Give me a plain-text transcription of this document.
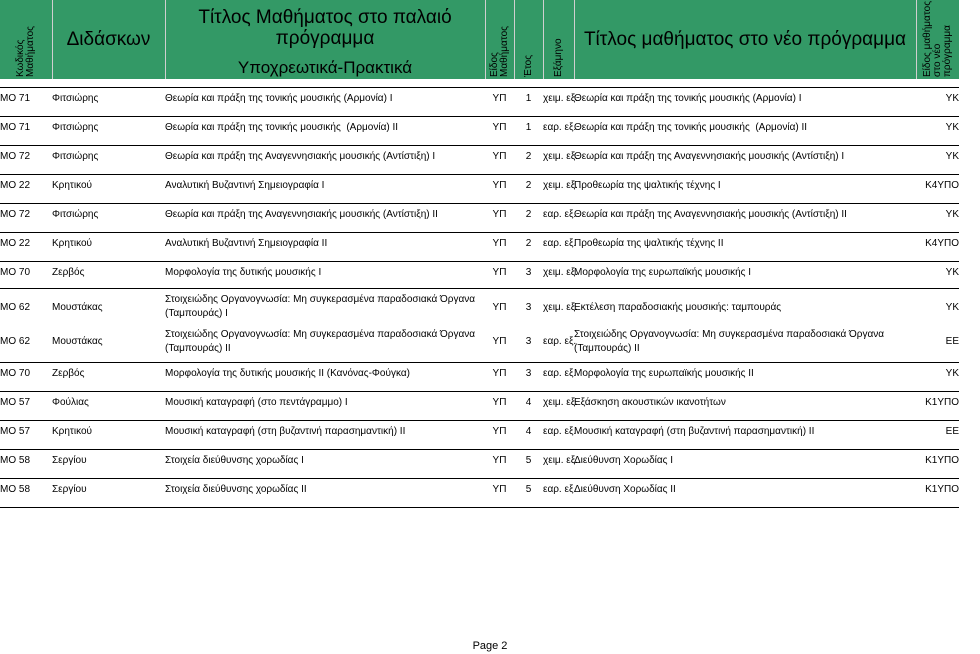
Κωδικός Μαθήματος	Διδάσκων	Τίτλος Μαθήματος στο παλαιό πρόγραμμα	Είδος Μαθήματος	Έτος	Εξάμηνο	Τίτλος μαθήματος στο νέο πρόγραμμα	Είδος μαθήματος στο νέο πρόγραμμα

		Υποχρεωτικά-Πρακτικά					

ΜΟ 71	Φιτσιώρης	Θεωρία και πράξη της τονικής μουσικής (Αρμονία) Ι	ΥΠ	1	χειμ. εξ.	Θεωρία και πράξη της τονικής μουσικής (Αρμονία) Ι	ΥΚ

ΜΟ 71	Φιτσιώρης	Θεωρία και πράξη της τονικής μουσικής  (Αρμονία) ΙΙ	ΥΠ	1	εαρ. εξ.	Θεωρία και πράξη της τονικής μουσικής  (Αρμονία) ΙΙ	ΥΚ

ΜΟ 72	Φιτσιώρης	Θεωρία και πράξη της Αναγεννησιακής μουσικής (Αντίστιξη) Ι	ΥΠ	2	χειμ. εξ.	Θεωρία και πράξη της Αναγεννησιακής μουσικής (Αντίστιξη) Ι	ΥΚ

ΜΟ 22	Κρητικού	Αναλυτική Βυζαντινή Σημειογραφία Ι	ΥΠ	2	χειμ. εξ.	Προθεωρία της ψαλτικής τέχνης Ι	Κ4ΥΠΟ

ΜΟ 72	Φιτσιώρης	Θεωρία και πράξη της Αναγεννησιακής μουσικής (Αντίστιξη) ΙΙ	ΥΠ	2	εαρ. εξ.	Θεωρία και πράξη της Αναγεννησιακής μουσικής (Αντίστιξη) ΙΙ	ΥΚ

ΜΟ 22	Κρητικού	Αναλυτική Βυζαντινή Σημειογραφία ΙΙ	ΥΠ	2	εαρ. εξ.	Προθεωρία της ψαλτικής τέχνης ΙΙ	Κ4ΥΠΟ

ΜΟ 70	Ζερβός	Μορφολογία της δυτικής μουσικής Ι	ΥΠ	3	χειμ. εξ.	Μορφολογία της ευρωπαϊκής μουσικής Ι	ΥΚ

ΜΟ 62	Μουστάκας	Στοιχειώδης Οργανογνωσία: Μη συγκερασμένα παραδοσιακά Όργανα (Ταμπουράς) Ι	ΥΠ	3	χειμ. εξ.	Εκτέλεση παραδοσιακής μουσικής: ταμπουράς	ΥΚ
ΜΟ 62	Μουστάκας	Στοιχειώδης Οργανογνωσία: Μη συγκερασμένα παραδοσιακά Όργανα (Ταμπουράς) ΙΙ	ΥΠ	3	εαρ. εξ.	Στοιχειώδης Οργανογνωσία: Μη συγκερασμένα παραδοσιακά Όργανα (Ταμπουράς) ΙΙ	ΕΕ

ΜΟ 70	Ζερβός	Μορφολογία της δυτικής μουσικής ΙΙ (Κανόνας-Φούγκα)	ΥΠ	3	εαρ. εξ.	Μορφολογία της ευρωπαϊκής μουσικής ΙΙ	ΥΚ

ΜΟ 57	Φούλιας	Μουσική καταγραφή (στο πεντάγραμμο) Ι	ΥΠ	4	χειμ. εξ.	Εξάσκηση ακουστικών ικανοτήτων	Κ1ΥΠΟ

ΜΟ 57	Κρητικού	Μουσική καταγραφή (στη βυζαντινή παρασημαντική) ΙΙ	ΥΠ	4	εαρ. εξ.	Μουσική καταγραφή (στη βυζαντινή παρασημαντική) ΙΙ	ΕΕ

ΜΟ 58	Σεργίου	Στοιχεία διεύθυνσης χορωδίας Ι	ΥΠ	5	χειμ. εξ.	Διεύθυνση Χορωδίας Ι	Κ1ΥΠΟ

ΜΟ 58	Σεργίου	Στοιχεία διεύθυνσης χορωδίας ΙΙ	ΥΠ	5	εαρ. εξ.	Διεύθυνση Χορωδίας ΙΙ	Κ1ΥΠΟ

Page 2
